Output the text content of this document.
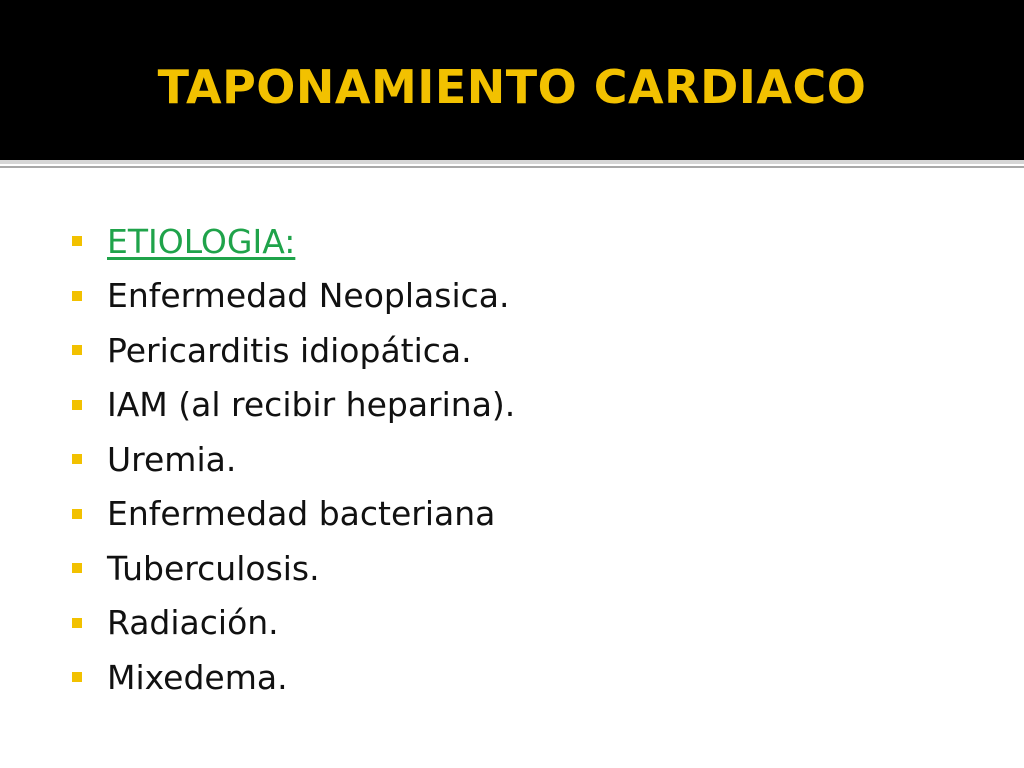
TAPONAMIENTO CARDIACO
ETIOLOGIA:
Enfermedad Neoplasica.
Pericarditis idiopática.
IAM (al recibir heparina).
Uremia.
Enfermedad bacteriana
Tuberculosis.
Radiación.
Mixedema.
